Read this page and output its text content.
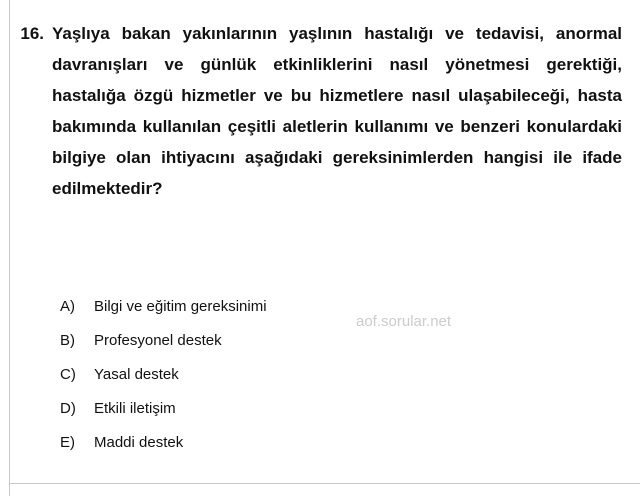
16. Yaşlıya bakan yakınlarının yaşlının hastalığı ve tedavisi, anormal davranışları ve günlük etkinliklerini nasıl yönetmesi gerektiği, hastalığa özgü hizmetler ve bu hizmetlere nasıl ulaşabileceği, hasta bakımında kullanılan çeşitli aletlerin kullanımı ve benzeri konulardaki bilgiye olan ihtiyacını aşağıdaki gereksinimlerden hangisi ile ifade edilmektedir?
A)	Bilgi ve eğitim gereksinimi
B)	Profesyonel destek
C)	Yasal destek
D)	Etkili iletişim
E)	Maddi destek
aof.sorular.net
